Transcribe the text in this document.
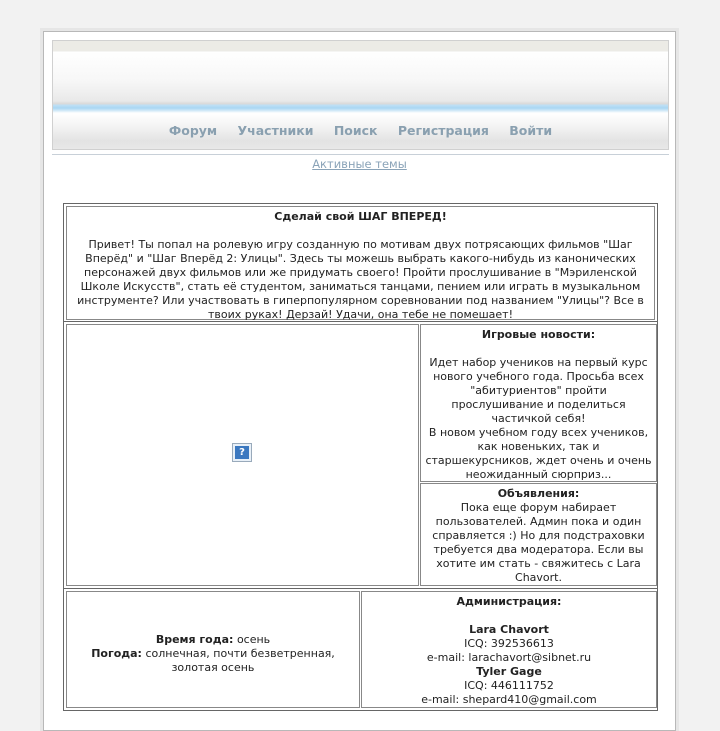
Форум Участники Поиск Регистрация Войти
Активные темы
Сделай свой ШАГ ВПЕРЕД!

Привет! Ты попал на ролевую игру созданную по мотивам двух потрясающих фильмов "Шаг
Вперёд" и "Шаг Вперёд 2: Улицы". Здесь ты можешь выбрать какого-нибудь из канонических
персонажей двух фильмов или же придумать своего! Пройти прослушивание в "Мэриленской
Школе Искусств", стать её студентом, заниматься танцами, пением или играть в музыкальном
инструменте? Или участвовать в гиперпопулярном соревновании под названием "Улицы"? Все в
твоих руках! Дерзай! Удачи, она тебе не помешает!
?
Игровые новости:

Идет набор учеников на первый курс
нового учебного года. Просьба всех
"абитуриентов" пройти
прослушивание и поделиться
частичкой себя!
В новом учебном году всех учеников,
как новеньких, так и
старшекурсников, ждет очень и очень
неожиданный сюрприз...
Объявления:
Пока еще форум набирает
пользователей. Админ пока и один
справляется :) Но для подстраховки
требуется два модератора. Если вы
хотите им стать - свяжитесь с Lara
Chavort.
Время года: осень
Погода: солнечная, почти безветренная,
золотая осень
Администрация:

Lara Chavort
ICQ: 392536613
e-mail: larachavort@sibnet.ru
Tyler Gage
ICQ: 446111752
e-mail: shepard410@gmail.com
